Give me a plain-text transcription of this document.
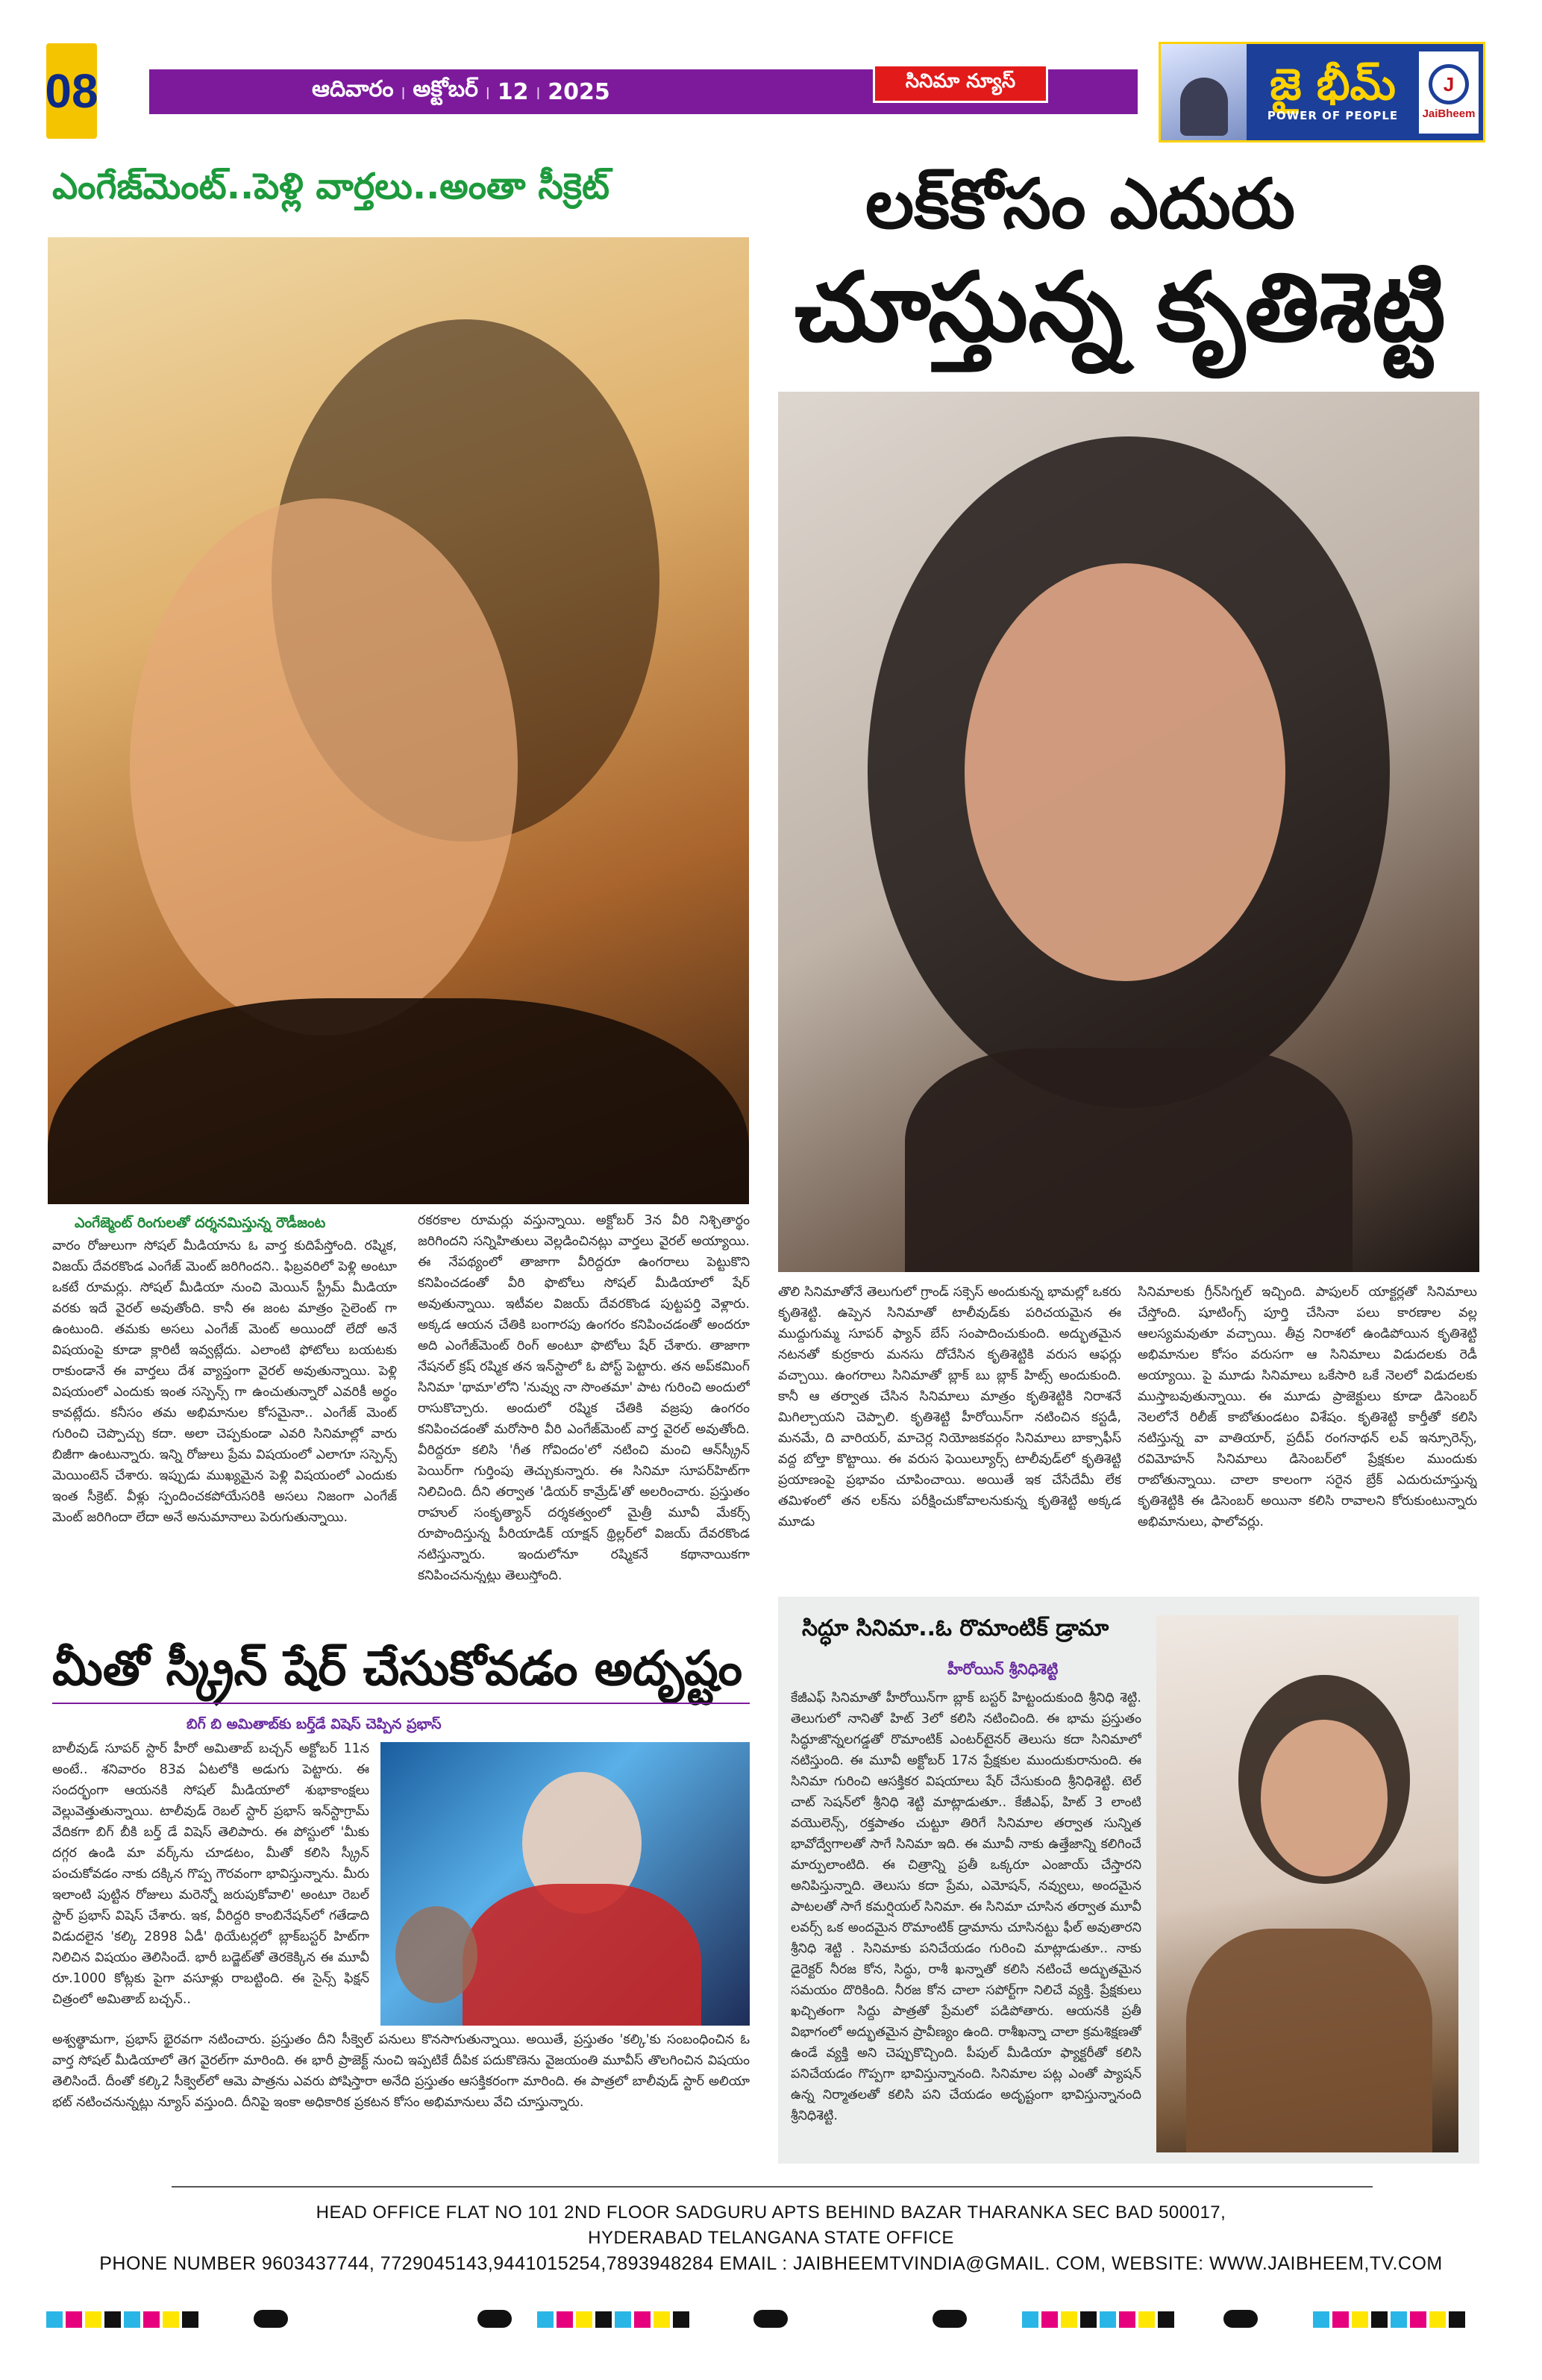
08	ఆదివారం | అక్టోబర్ | 12 | 2025	సినిమా న్యూస్	జై భీమ్
POWER OF PEOPLE
J
JaiBheem
ఎంగేజ్‌మెంట్..పెళ్లి వార్తలు..అంతా సీక్రెట్
ఎంగేజ్మెంట్ రింగులతో దర్శనమిస్తున్న రౌడీజంట
వారం రోజులుగా సోషల్ మీడియాను ఓ వార్త కుదిపేస్తోంది. రష్మిక, విజయ్ దేవరకొండ ఎంగేజ్ మెంట్ జరిగిందని.. ఫిబ్రవరిలో పెళ్లి అంటూ ఒకటే రూమర్లు. సోషల్ మీడియా నుంచి మెయిన్ స్ట్రీమ్ మీడియా వరకు ఇదే వైరల్ అవుతోంది. కానీ ఈ జంట మాత్రం సైలెంట్ గా ఉంటుంది. తమకు అసలు ఎంగేజ్ మెంట్ అయిందో లేదో అనే విషయంపై కూడా క్లారిటీ ఇవ్వట్లేదు. ఎలాంటి ఫోటోలు బయటకు రాకుండానే ఈ వార్తలు దేశ వ్యాప్తంగా వైరల్ అవుతున్నాయి. పెళ్లి విషయంలో ఎందుకు ఇంత సస్పెన్స్ గా ఉంచుతున్నారో ఎవరికీ అర్థం కావట్లేదు. కనీసం తమ అభిమానుల కోసమైనా.. ఎంగేజ్ మెంట్ గురించి చెప్పొచ్చు కదా. అలా చెప్పకుండా ఎవరి సినిమాల్లో వారు బిజీగా ఉంటున్నారు. ఇన్ని రోజులు ప్రేమ విషయంలో ఎలాగూ సస్పెన్స్ మెయింటెన్ చేశారు. ఇప్పుడు ముఖ్యమైన పెళ్లి విషయంలో ఎందుకు ఇంత సీక్రెట్. వీళ్లు స్పందించకపోయేసరికి అసలు నిజంగా ఎంగేజ్ మెంట్ జరిగిందా లేదా అనే అనుమానాలు పెరుగుతున్నాయి.
రకరకాల రూమర్లు వస్తున్నాయి. అక్టోబర్ 3న వీరి నిశ్చితార్థం జరిగిందని సన్నిహితులు వెల్లడించినట్లు వార్తలు వైరల్ అయ్యాయి. ఈ నేపథ్యంలో తాజాగా వీరిద్దరూ ఉంగరాలు పెట్టుకొని కనిపించడంతో వీరి ఫొటోలు సోషల్ మీడియాలో షేర్ అవుతున్నాయి. ఇటీవల విజయ్ దేవరకొండ పుట్టపర్తి వెళ్లారు. అక్కడ ఆయన చేతికి బంగారపు ఉంగరం కనిపించడంతో అందరూ అది ఎంగేజ్‌మెంట్ రింగ్ అంటూ ఫొటోలు షేర్ చేశారు. తాజాగా నేషనల్ క్రష్ రష్మిక తన ఇన్‌స్టాలో ఓ పోస్ట్ పెట్టారు. తన అప్‌కమింగ్ సినిమా 'థామా'లోని 'నువ్వు నా సొంతమా' పాట గురించి అందులో రాసుకొచ్చారు. అందులో రష్మిక చేతికి వజ్రపు ఉంగరం కనిపించడంతో మరోసారి వీరి ఎంగేజ్‌మెంట్ వార్త వైరల్ అవుతోంది. వీరిద్దరూ కలిసి 'గీత గోవిందం'లో నటించి మంచి ఆన్‌స్క్రీన్ పెయిర్‌గా గుర్తింపు తెచ్చుకున్నారు. ఈ సినిమా సూపర్‌హిట్‌గా నిలిచింది. దీని తర్వాత 'డియర్ కామ్రేడ్'తో అలరించారు. ప్రస్తుతం రాహుల్ సంకృత్యాన్ దర్శకత్వంలో మైత్రీ మూవీ మేకర్స్ రూపొందిస్తున్న పీరియాడిక్ యాక్షన్ థ్రిల్లర్‌లో విజయ్ దేవరకొండ నటిస్తున్నారు. ఇందులోనూ రష్మికనే కథానాయికగా కనిపించనున్నట్లు తెలుస్తోంది.
లక్‌కోసం ఎదురు
చూస్తున్న కృతిశెట్టి
తొలి సినిమాతోనే తెలుగులో గ్రాండ్ సక్సెస్ అందుకున్న భామల్లో ఒకరు కృతిశెట్టి. ఉప్పెన సినిమాతో టాలీవుడ్‌కు పరిచయమైన ఈ ముద్దుగుమ్మ సూపర్ ఫ్యాన్ బేస్ సంపాదించుకుంది. అద్భుతమైన నటనతో కుర్రకారు మనసు దోచేసిన కృతిశెట్టికి వరుస ఆఫర్లు వచ్చాయి. ఉంగరాలు సినిమాతో బ్లాక్ బు బ్లాక్ హిట్స్ అందుకుంది. కానీ ఆ తర్వాత చేసిన సినిమాలు మాత్రం కృతిశెట్టికి నిరాశనే మిగిల్చాయని చెప్పాలి. కృతిశెట్టి హీరోయిన్‌గా నటించిన కస్టడీ, మనమే, ది వారియర్, మాచెర్ల నియోజకవర్గం సినిమాలు బాక్సాఫీస్ వద్ద బోల్తా కొట్టాయి. ఈ వరుస ఫెయిల్యూర్స్ టాలీవుడ్‌లో కృతిశెట్టి ప్రయాణంపై ప్రభావం చూపించాయి. అయితే ఇక చేసేదేమీ లేక తమిళంలో తన లక్‌ను పరీక్షించుకోవాలనుకున్న కృతిశెట్టి అక్కడ మూడు
సినిమాలకు గ్రీన్‌సిగ్నల్ ఇచ్చింది. పాపులర్ యాక్టర్లతో సినిమాలు చేస్తోంది. షూటింగ్స్ పూర్తి చేసినా పలు కారణాల వల్ల ఆలస్యమవుతూ వచ్చాయి. తీవ్ర నిరాశలో ఉండిపోయిన కృతిశెట్టి అభిమానుల కోసం వరుసగా ఆ సినిమాలు విడుదలకు రెడీ అయ్యాయి. పై మూడు సినిమాలు ఒకేసారి ఒకే నెలలో విడుదలకు ముస్తాబవుతున్నాయి. ఈ మూడు ప్రాజెక్టులు కూడా డిసెంబర్ నెలలోనే రిలీజ్ కాబోతుండటం విశేషం. కృతిశెట్టి కార్తీతో కలిసి నటిస్తున్న వా వాతియార్, ప్రదీప్ రంగనాథన్ లవ్ ఇన్సూరెన్స్, రవిమోహన్ సినిమాలు డిసెంబర్‌లో ప్రేక్షకుల ముందుకు రాబోతున్నాయి. చాలా కాలంగా సరైన బ్రేక్ ఎదురుచూస్తున్న కృతిశెట్టికి ఈ డిసెంబర్ అయినా కలిసి రావాలని కోరుకుంటున్నారు అభిమానులు, ఫాలోవర్లు.
మీతో స్క్రీన్ షేర్ చేసుకోవడం అదృష్టం
బిగ్ బి అమితాబ్‌కు బర్త్‌డే విషెస్ చెప్పిన ప్రభాస్
బాలీవుడ్ సూపర్ స్టార్ హీరో అమితాబ్ బచ్చన్ అక్టోబర్ 11న అంటే.. శనివారం 83వ ఏటలోకి అడుగు పెట్టారు. ఈ సందర్భంగా ఆయనకి సోషల్ మీడియాలో శుభాకాంక్షలు వెల్లువెత్తుతున్నాయి. టాలీవుడ్ రెబల్ స్టార్ ప్రభాస్ ఇన్‌స్టాగ్రామ్ వేదికగా బిగ్ బీకి బర్త్ డే విషెస్ తెలిపారు. ఈ పోస్టులో 'మీకు దగ్గర ఉండి మా వర్క్‌ను చూడటం, మీతో కలిసి స్క్రీన్ పంచుకోవడం నాకు దక్కిన గొప్ప గౌరవంగా భావిస్తున్నాను. మీరు ఇలాంటి పుట్టిన రోజులు మరెన్నో జరుపుకోవాలి' అంటూ రెబల్ స్టార్ ప్రభాస్ విషెస్ చేశారు. ఇక, వీరిద్దరి కాంబినేషన్‌లో గతేడాది విడుదలైన 'కల్కి 2898 ఏడీ' థియేటర్లలో బ్లాక్‌బస్టర్ హిట్‌గా నిలిచిన విషయం తెలిసిందే. భారీ బడ్జెట్‌తో తెరకెక్కిన ఈ మూవీ రూ.1000 కోట్లకు పైగా వసూళ్లు రాబట్టింది. ఈ సైన్స్ ఫిక్షన్ చిత్రంలో అమితాబ్ బచ్చన్..
అశ్వత్థామగా, ప్రభాస్ భైరవగా నటించారు. ప్రస్తుతం దీని సీక్వెల్ పనులు కొనసాగుతున్నాయి. అయితే, ప్రస్తుతం 'కల్కి'కు సంబంధించిన ఓ వార్త సోషల్ మీడియాలో తెగ వైరల్‌గా మారింది. ఈ భారీ ప్రాజెక్ట్ నుంచి ఇప్పటికే దీపిక పదుకొణెను వైజయంతి మూవీస్ తొలగించిన విషయం తెలిసిందే. దీంతో కల్కి2 సీక్వెల్‌లో ఆమె పాత్రను ఎవరు పోషిస్తారా అనేది ప్రస్తుతం ఆసక్తికరంగా మారింది. ఈ పాత్రలో బాలీవుడ్ స్టార్ అలియా భట్ నటించనున్నట్లు న్యూస్ వస్తుంది. దీనిపై ఇంకా అధికారిక ప్రకటన కోసం అభిమానులు వేచి చూస్తున్నారు.
సిద్ధూ సినిమా..ఓ రొమాంటిక్ డ్రామా
హీరోయిన్ శ్రీనిధిశెట్టి
కేజీఎఫ్ సినిమాతో హీరోయిన్‌గా బ్లాక్ బస్టర్ హిట్టందుకుంది శ్రీనిధి శెట్టి. తెలుగులో నానితో హిట్ 3లో కలిసి నటించింది. ఈ భామ ప్రస్తుతం సిద్ధూజొన్నలగడ్డతో రొమాంటిక్ ఎంటర్‌టైనర్ తెలుసు కదా సినిమాలో నటిస్తుంది. ఈ మూవీ అక్టోబర్ 17న ప్రేక్షకుల ముందుకురానుంది. ఈ సినిమా గురించి ఆసక్తికర విషయాలు షేర్ చేసుకుంది శ్రీనిధిశెట్టి. టెల్ చాట్ సెషన్‌లో శ్రీనిధి శెట్టి మాట్లాడుతూ.. కేజీఎఫ్, హిట్ 3 లాంటి వయొలెన్స్, రక్తపాతం చుట్టూ తిరిగే సినిమాల తర్వాత సున్నిత భావోద్వేగాలతో సాగే సినిమా ఇది. ఈ మూవీ నాకు ఉత్తేజాన్ని కలిగించే మార్పులాంటిది. ఈ చిత్రాన్ని ప్రతీ ఒక్కరూ ఎంజాయ్ చేస్తారని అనిపిస్తున్నాది. తెలుసు కదా ప్రేమ, ఎమోషన్, నవ్వులు, అందమైన పాటలతో సాగే కమర్షియల్ సినిమా. ఈ సినిమా చూసిన తర్వాత మూవీ లవర్స్ ఒక అందమైన రొమాంటిక్ డ్రామాను చూసినట్టు ఫీల్ అవుతారని శ్రీనిధి శెట్టి . సినిమాకు పనిచేయడం గురించి మాట్లాడుతూ.. నాకు డైరెక్టర్ నీరజ కోన, సిద్ధు, రాశీ ఖన్నాతో కలిసి నటించే అద్భుతమైన సమయం దొరికింది. నీరజ కోన చాలా సపోర్ట్‌గా నిలిచే వ్యక్తి. ప్రేక్షకులు ఖచ్చితంగా సిద్దు పాత్రతో ప్రేమలో పడిపోతారు. ఆయనకి ప్రతీ విభాగంలో అద్భుతమైన ప్రావీణ్యం ఉంది. రాశీఖన్నా చాలా క్రమశిక్షణతో ఉండే వ్యక్తి అని చెప్పుకొచ్చింది. పీపుల్ మీడియా ఫ్యాక్టరీతో కలిసి పనిచేయడం గొప్పగా భావిస్తున్నానంది. సినిమాల పట్ల ఎంతో ప్యాషన్ ఉన్న నిర్మాతలతో కలిసి పని చేయడం అదృష్టంగా భావిస్తున్నానంది శ్రీనిధిశెట్టి.
HEAD OFFICE FLAT NO 101 2ND FLOOR SADGURU APTS BEHIND BAZAR THARANKA SEC BAD 500017,
HYDERABAD TELANGANA STATE OFFICE
PHONE NUMBER 9603437744, 7729045143,9441015254,7893948284 EMAIL : JAIBHEEMTVINDIA@GMAIL. COM, WEBSITE: WWW.JAIBHEEM,TV.COM
